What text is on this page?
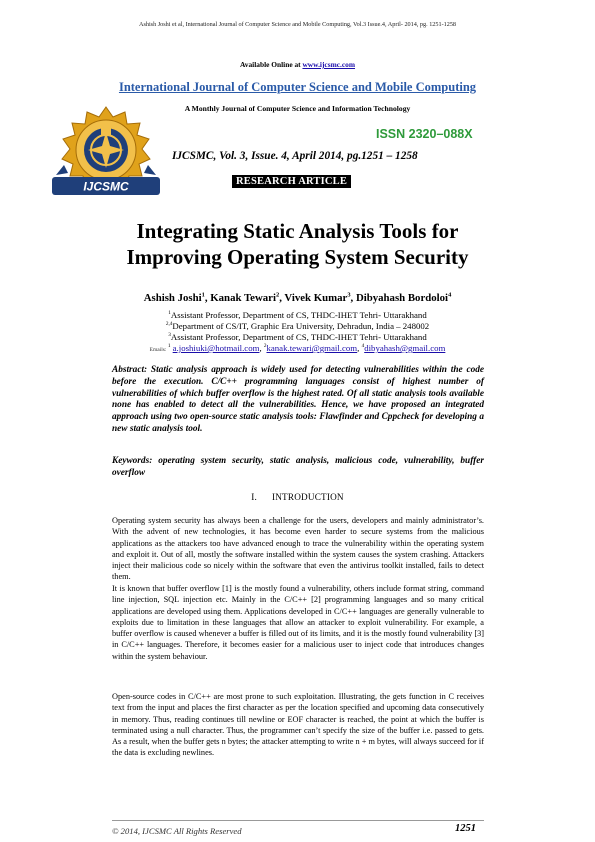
Ashish Joshi et al, International Journal of Computer Science and Mobile Computing, Vol.3 Issue.4, April- 2014, pg. 1251-1258
Available Online at www.ijcsmc.com
International Journal of Computer Science and Mobile Computing
A Monthly Journal of Computer Science and Information Technology
IJCSMC
ISSN 2320–088X
IJCSMC, Vol. 3, Issue. 4, April 2014, pg.1251 – 1258
RESEARCH ARTICLE
Integrating Static Analysis Tools for
Improving Operating System Security
Ashish Joshi$^1$, Kanak Tewari$^2$, Vivek Kumar$^3$, Dibyahash Bordoloi$^4$
$^1$Assistant Professor, Department of CS, THDC-IHET Tehri- Uttarakhand
$^{2,4}$Department of CS/IT, Graphic Era University, Dehradun, India – 248002
$^3$Assistant Professor, Department of CS, THDC-IHET Tehri- Uttarakhand
Emails: $^1$ a.joshiuki@hotmail.com, $^2$kanak.tewari@gmail.com, $^4$dibyahash@gmail.com
Abstract: Static analysis approach is widely used for detecting vulnerabilities within the code before the execution. C/C++ programming languages consist of highest number of vulnerabilities of which buffer overflow is the highest rated. Of all static analysis tools available none has enabled to detect all the vulnerabilities. Hence, we have proposed an integrated approach using two open-source static analysis tools: Flawfinder and Cppcheck for developing a new static analysis tool.
Keywords: operating system security, static analysis, malicious code, vulnerability, buffer overflow
I.      INTRODUCTION
Operating system security has always been a challenge for the users, developers and mainly administrator’s. With the advent of new technologies, it has become even harder to secure systems from the malicious applications as the attackers too have advanced enough to trace the vulnerability within the operating system and exploit it. Out of all, mostly the software installed within the system causes the system crashing. Attackers inject their malicious code so nicely within the software that even the antivirus toolkit installed, fails to detect them.
It is known that buffer overflow [1] is the mostly found a vulnerability, others include format string, command line injection, SQL injection etc. Mainly in the C/C++ [2] programming languages and so many critical applications are developed using them. Applications developed in C/C++ languages are generally vulnerable to exploits due to limitation in these languages that allow an attacker to exploit vulnerability. For example, a buffer overflow is caused whenever a buffer is filled out of its limits, and it is the mostly found vulnerability [3] in C/C++ languages. Therefore, it becomes easier for a malicious user to inject code that introduces changes within the system behaviour.
Open-source codes in C/C++ are most prone to such exploitation. Illustrating, the gets function in C receives text from the input and places the first character as per the location specified and upcoming data consecutively in memory. Thus, reading continues till newline or EOF character is reached, the point at which the buffer is terminated using a null character. Thus, the programmer can’t specify the size of the buffer i.e. passed to gets. As a result, when the buffer gets n bytes; the attacker attempting to write n + m bytes, will always succeed for if the data is excluding newlines.
© 2014, IJCSMC All Rights Reserved	1251
